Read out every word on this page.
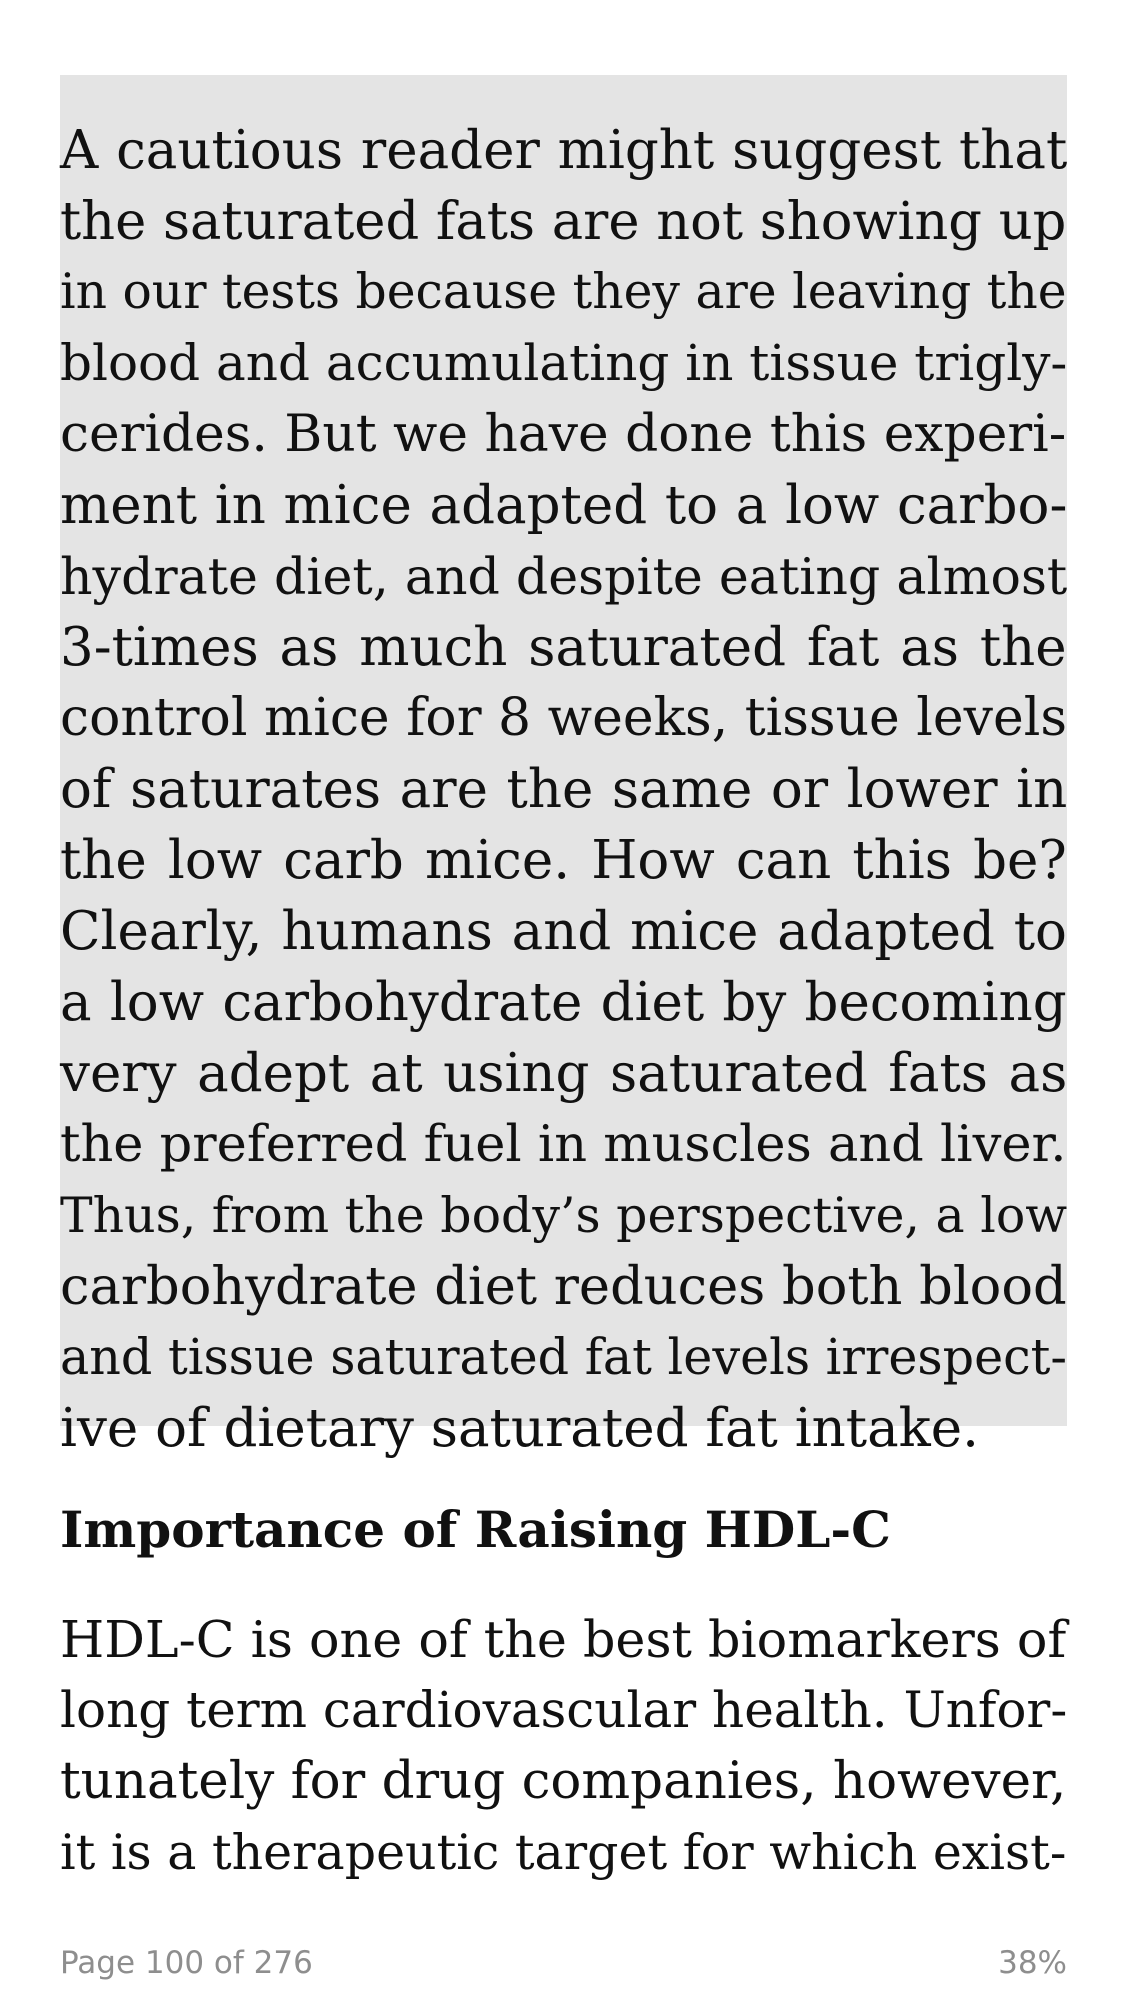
A cautious reader might suggest that
the saturated fats are not showing up
in our tests because they are leaving the
blood and accumulating in tissue trigly-
cerides. But we have done this experi-
ment in mice adapted to a low carbo-
hydrate diet, and despite eating almost
3-times as much saturated fat as the
control mice for 8 weeks, tissue levels
of saturates are the same or lower in
the low carb mice. How can this be?
Clearly, humans and mice adapted to
a low carbohydrate diet by becoming
very adept at using saturated fats as
the preferred fuel in muscles and liver.
Thus, from the body’s perspective, a low
carbohydrate diet reduces both blood
and tissue saturated fat levels irrespect-
ive of dietary saturated fat intake.
Importance of Raising HDL-C
HDL-C is one of the best biomarkers of
long term cardiovascular health. Unfor-
tunately for drug companies, however,
it is a therapeutic target for which exist-
Page 100 of 276	38%
